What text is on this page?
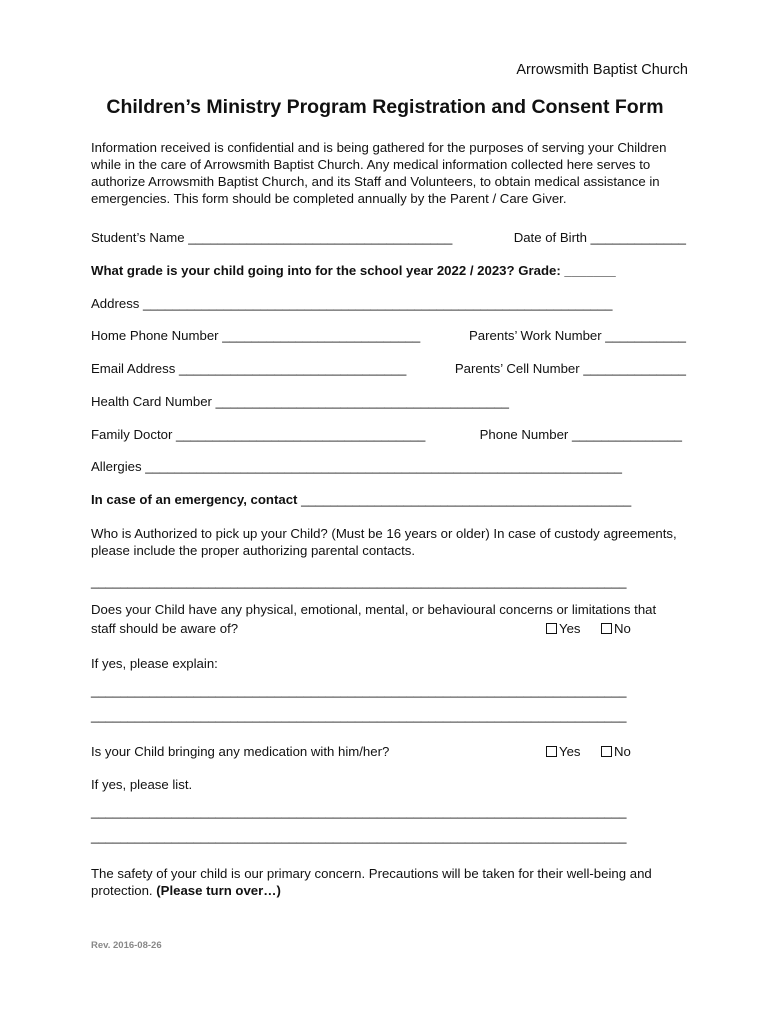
Arrowsmith Baptist Church
Children’s Ministry Program Registration and Consent Form
Information received is confidential and is being gathered for the purposes of serving your Children while in the care of Arrowsmith Baptist Church. Any medical information collected here serves to authorize Arrowsmith Baptist Church, and its Staff and Volunteers, to obtain medical assistance in emergencies. This form should be completed annually by the Parent / Care Giver.
Student’s Name ____________________________________	Date of Birth _____________
What grade is your child going into for the school year 2022 / 2023? Grade: _______
Address ________________________________________________________________
Home Phone Number ___________________________	Parents’ Work Number ___________
Email Address _______________________________	Parents’ Cell Number ______________
Health Card Number ________________________________________
Family Doctor __________________________________	Phone Number _______________
Allergies _________________________________________________________________
In case of an emergency, contact _____________________________________________
Who is Authorized to pick up your Child? (Must be 16 years or older) In case of custody agreements, please include the proper authorizing parental contacts.
_________________________________________________________________________
Does your Child have any physical, emotional, mental, or behavioural concerns or limitations that
staff should be aware of?	Yes	No
If yes, please explain:
_________________________________________________________________________
_________________________________________________________________________
Is your Child bringing any medication with him/her?	Yes	No
If yes, please list.
_________________________________________________________________________
_________________________________________________________________________
The safety of your child is our primary concern. Precautions will be taken for their well-being and protection. (Please turn over…)
Rev. 2016-08-26
